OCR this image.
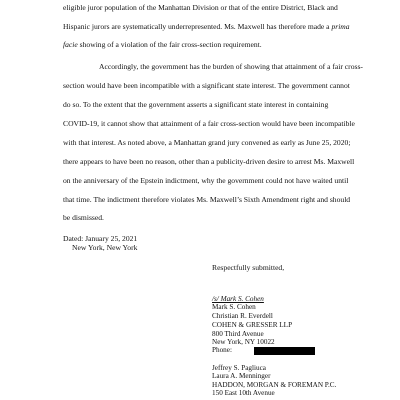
eligible juror population of the Manhattan Division or that of the entire District, Black and
Hispanic jurors are systematically underrepresented. Ms. Maxwell has therefore made a prima
facie showing of a violation of the fair cross-section requirement.
Accordingly, the government has the burden of showing that attainment of a fair cross-
section would have been incompatible with a significant state interest. The government cannot
do so. To the extent that the government asserts a significant state interest in containing
COVID-19, it cannot show that attainment of a fair cross-section would have been incompatible
with that interest. As noted above, a Manhattan grand jury convened as early as June 25, 2020;
there appears to have been no reason, other than a publicity-driven desire to arrest Ms. Maxwell
on the anniversary of the Epstein indictment, why the government could not have waited until
that time. The indictment therefore violates Ms. Maxwell’s Sixth Amendment right and should
be dismissed.
Dated: January 25, 2021
New York, New York
Respectfully submitted,
/s/ Mark S. Cohen
Mark S. Cohen
Christian R. Everdell
COHEN & GRESSER LLP
800 Third Avenue
New York, NY 10022
Phone:
Jeffrey S. Pagliuca
Laura A. Menninger
HADDON, MORGAN & FOREMAN P.C.
150 East 10th Avenue
